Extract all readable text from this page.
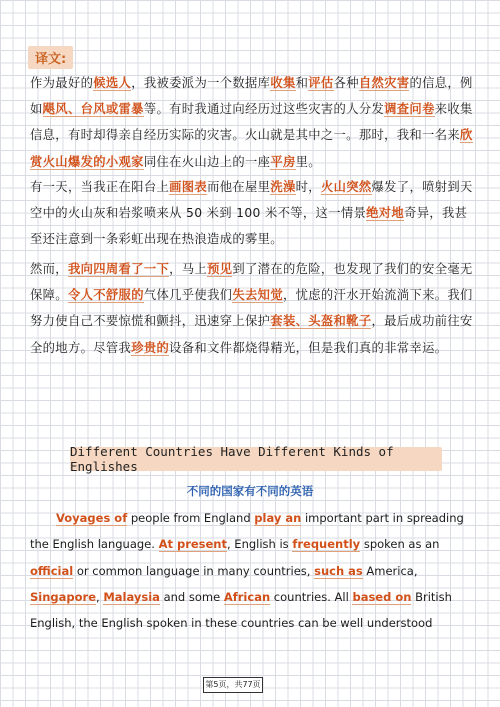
译文:
作为最好的候选人，我被委派为一个数据库收集和评估各种自然灾害的信息，例如飓风、台风或雷暴等。有时我通过向经历过这些灾害的人分发调查问卷来收集信息，有时却得亲自经历实际的灾害。火山就是其中之一。那时，我和一名来欣赏火山爆发的小观家同住在火山边上的一座平房里。
有一天，当我正在阳台上画图表而他在屋里洗澡时，火山突然爆发了，喷射到天空中的火山灰和岩浆喷来从 50 米到 100 米不等，这一情景绝对地奇异，我甚至还注意到一条彩虹出现在热浪造成的雾里。
然而，我向四周看了一下，马上预见到了潜在的危险，也发现了我们的安全毫无保障。令人不舒服的气体几乎使我们失去知觉，忧虑的汗水开始流淌下来。我们努力使自己不要惊慌和颤抖，迅速穿上保护套装、头盔和靴子，最后成功前往安全的地方。尽管我珍贵的设备和文件都烧得精光，但是我们真的非常幸运。
Different Countries Have Different Kinds of Englishes
不同的国家有不同的英语
Voyages of people from England play an important part in spreading the English language. At present, English is frequently spoken as an official or common language in many countries, such as America, Singapore, Malaysia and some African countries. All based on British English, the English spoken in these countries can be well understood
第5页，共77页
